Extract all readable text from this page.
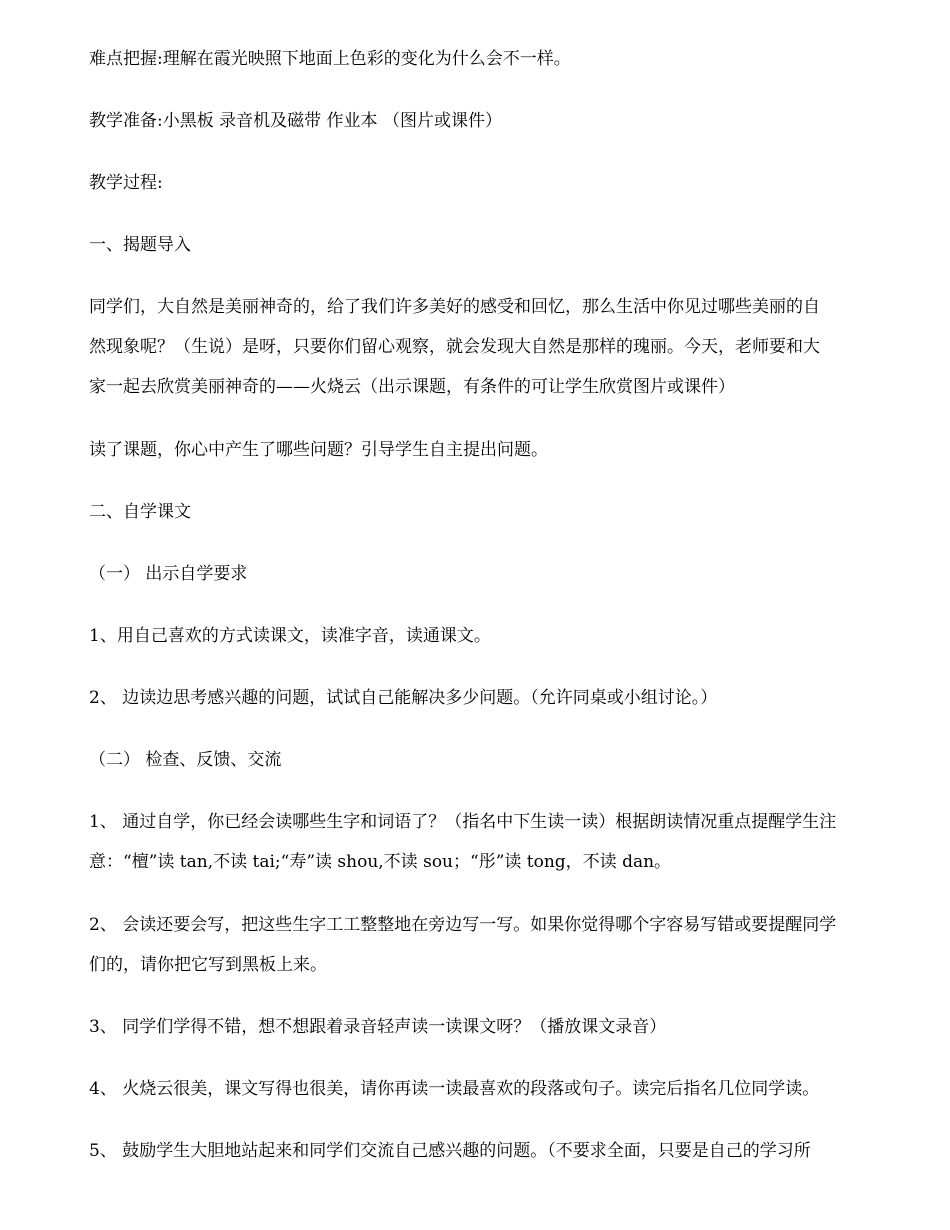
难点把握:理解在霞光映照下地面上色彩的变化为什么会不一样。
教学准备:小黑板 录音机及磁带 作业本 （图片或课件）
教学过程:
一、揭题导入
同学们，大自然是美丽神奇的，给了我们许多美好的感受和回忆，那么生活中你见过哪些美丽的自
然现象呢？（生说）是呀，只要你们留心观察，就会发现大自然是那样的瑰丽。今天，老师要和大
家一起去欣赏美丽神奇的——火烧云（出示课题，有条件的可让学生欣赏图片或课件）
读了课题，你心中产生了哪些问题？引导学生自主提出问题。
二、自学课文
（一） 出示自学要求
1、用自己喜欢的方式读课文，读准字音，读通课文。
2、 边读边思考感兴趣的问题，试试自己能解决多少问题。（允许同桌或小组讨论。）
（二） 检查、反馈、交流
1、 通过自学，你已经会读哪些生字和词语了？（指名中下生读一读）根据朗读情况重点提醒学生注
意：“檀”读 tan,不读 tai;“寿”读 shou,不读 sou；“彤”读 tong，不读 dan。
2、 会读还要会写，把这些生字工工整整地在旁边写一写。如果你觉得哪个字容易写错或要提醒同学
们的，请你把它写到黑板上来。
3、 同学们学得不错，想不想跟着录音轻声读一读课文呀？（播放课文录音）
4、 火烧云很美，课文写得也很美，请你再读一读最喜欢的段落或句子。读完后指名几位同学读。
5、 鼓励学生大胆地站起来和同学们交流自己感兴趣的问题。（不要求全面，只要是自己的学习所
